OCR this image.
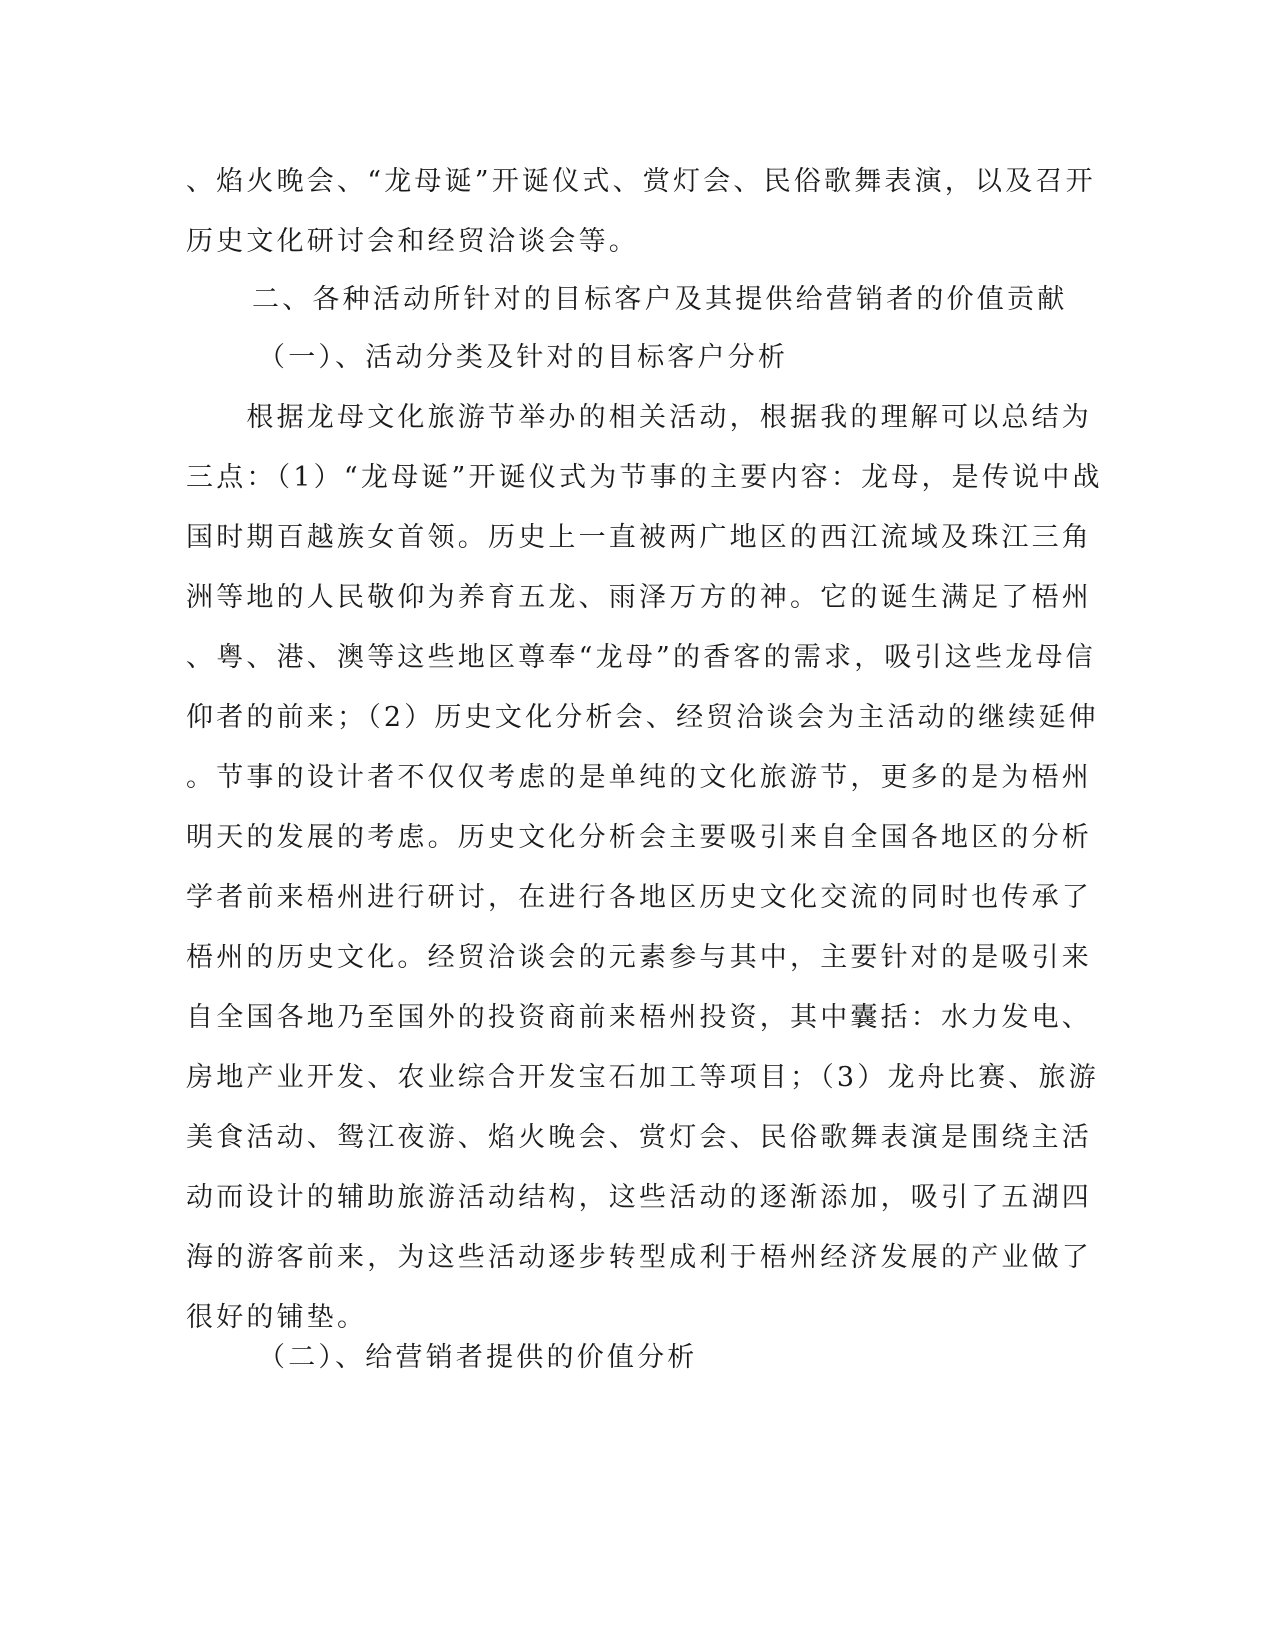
、焰火晚会、“龙母诞”开诞仪式、赏灯会、民俗歌舞表演，以及召开
历史文化研讨会和经贸洽谈会等。
二、各种活动所针对的目标客户及其提供给营销者的价值贡献
（一）、活动分类及针对的目标客户分析
　　根据龙母文化旅游节举办的相关活动，根据我的理解可以总结为
三点：（1）“龙母诞”开诞仪式为节事的主要内容：龙母，是传说中战
国时期百越族女首领。历史上一直被两广地区的西江流域及珠江三角
洲等地的人民敬仰为养育五龙、雨泽万方的神。它的诞生满足了梧州
、粤、港、澳等这些地区尊奉“龙母”的香客的需求，吸引这些龙母信
仰者的前来；（2）历史文化分析会、经贸洽谈会为主活动的继续延伸
。节事的设计者不仅仅考虑的是单纯的文化旅游节，更多的是为梧州
明天的发展的考虑。历史文化分析会主要吸引来自全国各地区的分析
学者前来梧州进行研讨，在进行各地区历史文化交流的同时也传承了
梧州的历史文化。经贸洽谈会的元素参与其中，主要针对的是吸引来
自全国各地乃至国外的投资商前来梧州投资，其中囊括：水力发电、
房地产业开发、农业综合开发宝石加工等项目；（3）龙舟比赛、旅游
美食活动、鸳江夜游、焰火晚会、赏灯会、民俗歌舞表演是围绕主活
动而设计的辅助旅游活动结构，这些活动的逐渐添加，吸引了五湖四
海的游客前来，为这些活动逐步转型成利于梧州经济发展的产业做了
很好的铺垫。
（二）、给营销者提供的价值分析
